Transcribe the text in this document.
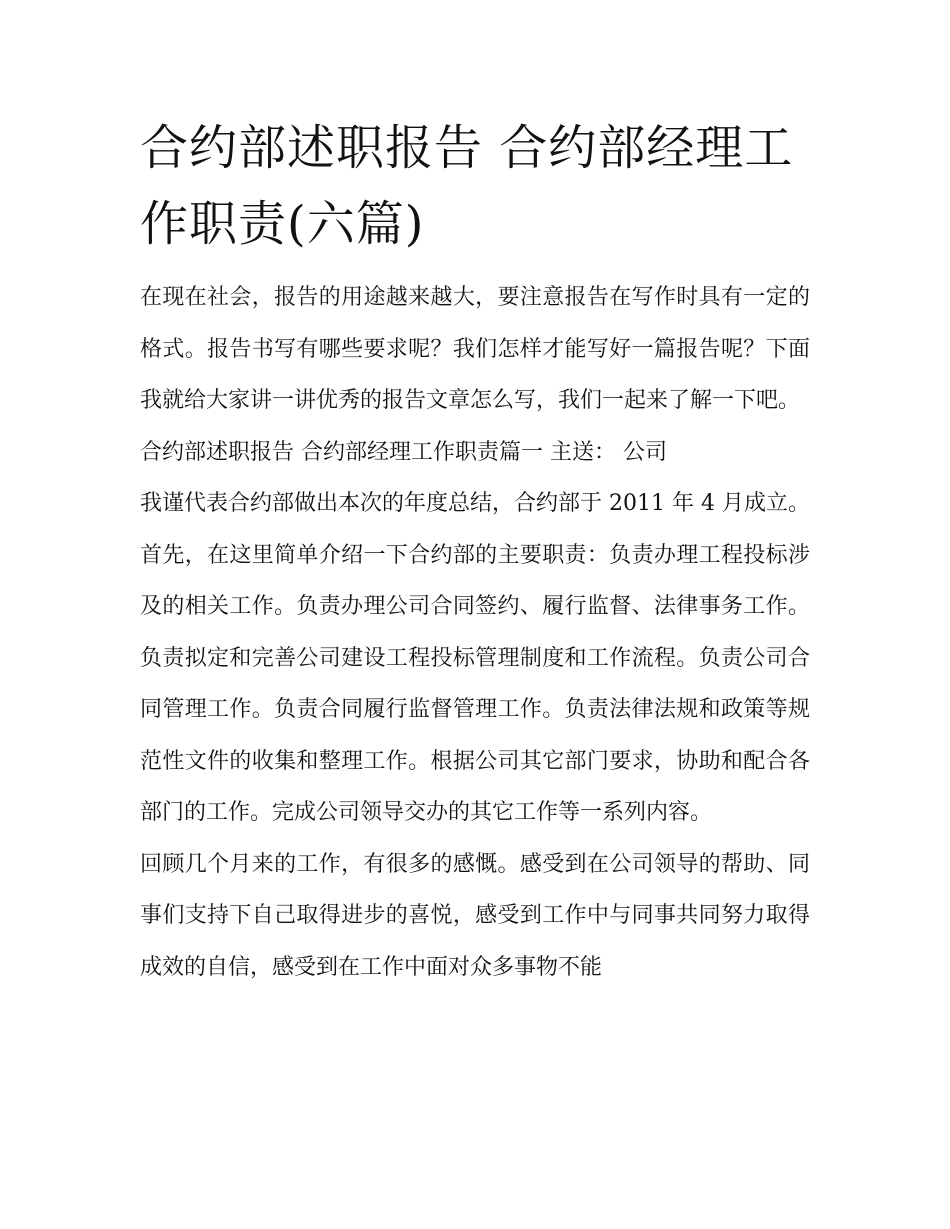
合约部述职报告 合约部经理工作职责(六篇)

在现在社会，报告的用途越来越大，要注意报告在写作时具有一定的格式。报告书写有哪些要求呢？我们怎样才能写好一篇报告呢？下面我就给大家讲一讲优秀的报告文章怎么写，我们一起来了解一下吧。

合约部述职报告 合约部经理工作职责篇一 主送： 公司

我谨代表合约部做出本次的年度总结，合约部于 2011 年 4 月成立。首先，在这里简单介绍一下合约部的主要职责：负责办理工程投标涉及的相关工作。负责办理公司合同签约、履行监督、法律事务工作。负责拟定和完善公司建设工程投标管理制度和工作流程。负责公司合同管理工作。负责合同履行监督管理工作。负责法律法规和政策等规范性文件的收集和整理工作。根据公司其它部门要求，协助和配合各部门的工作。完成公司领导交办的其它工作等一系列内容。

回顾几个月来的工作，有很多的感慨。感受到在公司领导的帮助、同事们支持下自己取得进步的喜悦，感受到工作中与同事共同努力取得成效的自信，感受到在工作中面对众多事物不能
